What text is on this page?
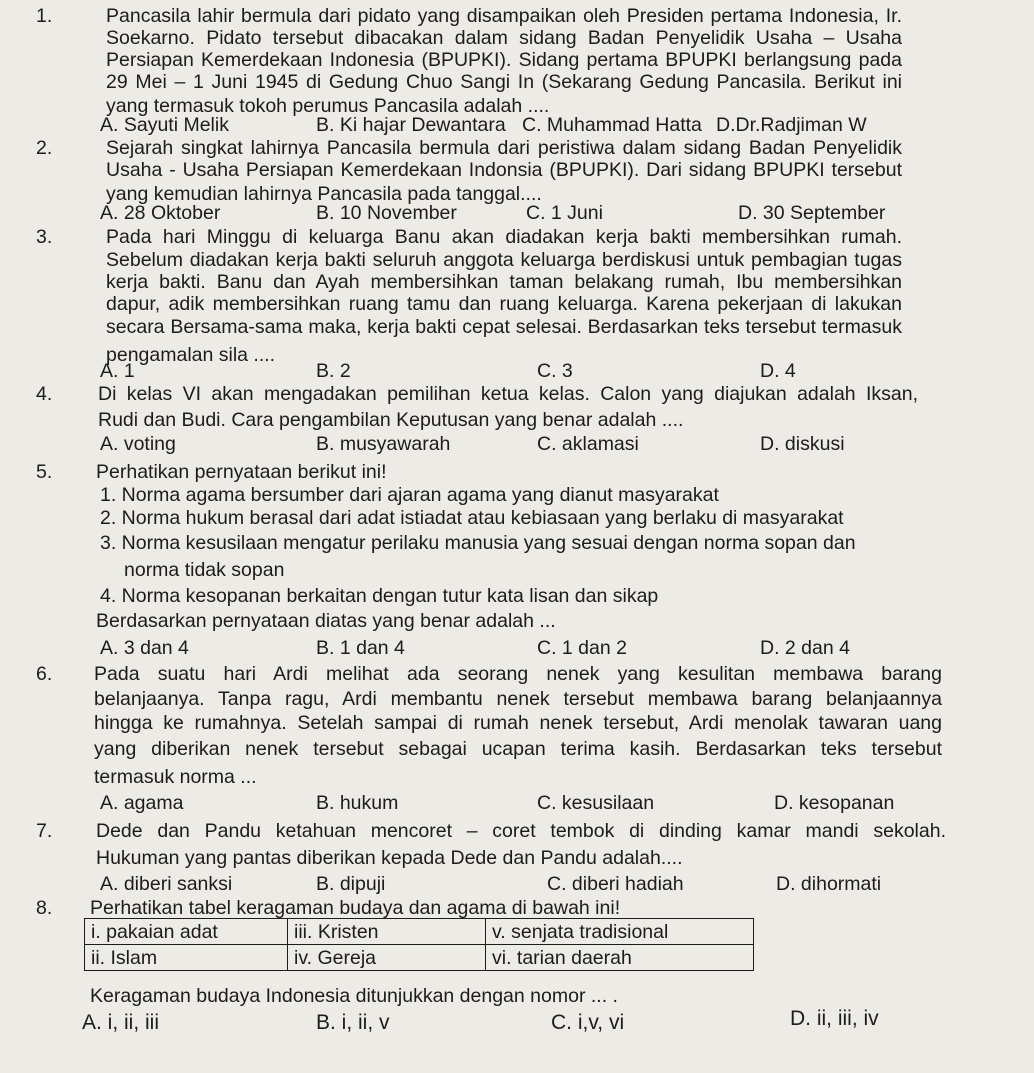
1.	Pancasila lahir bermula dari pidato yang disampaikan oleh Presiden pertama Indonesia, Ir.
Soekarno. Pidato tersebut dibacakan dalam sidang Badan Penyelidik Usaha – Usaha
Persiapan Kemerdekaan Indonesia (BPUPKI). Sidang pertama BPUPKI berlangsung pada
29 Mei – 1 Juni 1945 di Gedung Chuo Sangi In (Sekarang Gedung Pancasila. Berikut ini
yang termasuk tokoh perumus Pancasila adalah ....
A. Sayuti Melik	B. Ki hajar Dewantara C. Muhammad Hatta D.Dr.Radjiman W
2.	Sejarah singkat lahirnya Pancasila bermula dari peristiwa dalam sidang Badan Penyelidik
Usaha - Usaha Persiapan Kemerdekaan Indonsia (BPUPKI). Dari sidang BPUPKI tersebut
yang kemudian lahirnya Pancasila pada tanggal....
A. 28 Oktober	B. 10 November	C. 1 Juni	D. 30 September
3.	Pada hari Minggu di keluarga Banu akan diadakan kerja bakti membersihkan rumah.
Sebelum diadakan kerja bakti seluruh anggota keluarga berdiskusi untuk pembagian tugas
kerja bakti. Banu dan Ayah membersihkan taman belakang rumah, Ibu membersihkan
dapur, adik membersihkan ruang tamu dan ruang keluarga. Karena pekerjaan di lakukan
secara Bersama-sama maka, kerja bakti cepat selesai. Berdasarkan teks tersebut termasuk
pengamalan sila ....
A. 1	B. 2	C. 3	D. 4
4. Di kelas VI akan mengadakan pemilihan ketua kelas. Calon yang diajukan adalah Iksan,
Rudi dan Budi. Cara pengambilan Keputusan yang benar adalah ....
A. voting	B. musyawarah	C. aklamasi	D. diskusi
5. Perhatikan pernyataan berikut ini!
1. Norma agama bersumber dari ajaran agama yang dianut masyarakat
2. Norma hukum berasal dari adat istiadat atau kebiasaan yang berlaku di masyarakat
3. Norma kesusilaan mengatur perilaku manusia yang sesuai dengan norma sopan dan
norma tidak sopan
4. Norma kesopanan berkaitan dengan tutur kata lisan dan sikap
Berdasarkan pernyataan diatas yang benar adalah ...
A. 3 dan 4	B. 1 dan 4	C. 1 dan 2	D. 2 dan 4
6. Pada suatu hari Ardi melihat ada seorang nenek yang kesulitan membawa barang
belanjaanya. Tanpa ragu, Ardi membantu nenek tersebut membawa barang belanjaannya
hingga ke rumahnya. Setelah sampai di rumah nenek tersebut, Ardi menolak tawaran uang
yang diberikan nenek tersebut sebagai ucapan terima kasih. Berdasarkan teks tersebut
termasuk norma ...
A. agama	B. hukum	C. kesusilaan	D. kesopanan
7. Dede dan Pandu ketahuan mencoret – coret tembok di dinding kamar mandi sekolah.
Hukuman yang pantas diberikan kepada Dede dan Pandu adalah....
A. diberi sanksi	B. dipuji	C. diberi hadiah	D. dihormati
8. Perhatikan tabel keragaman budaya dan agama di bawah ini!
i. pakaian adat	iii. Kristen	v. senjata tradisional
ii. Islam	iv. Gereja	vi. tarian daerah
Keragaman budaya Indonesia ditunjukkan dengan nomor ... .
A. i, ii, iii	B. i, ii, v	C. i,v, vi	D. ii, iii, iv
